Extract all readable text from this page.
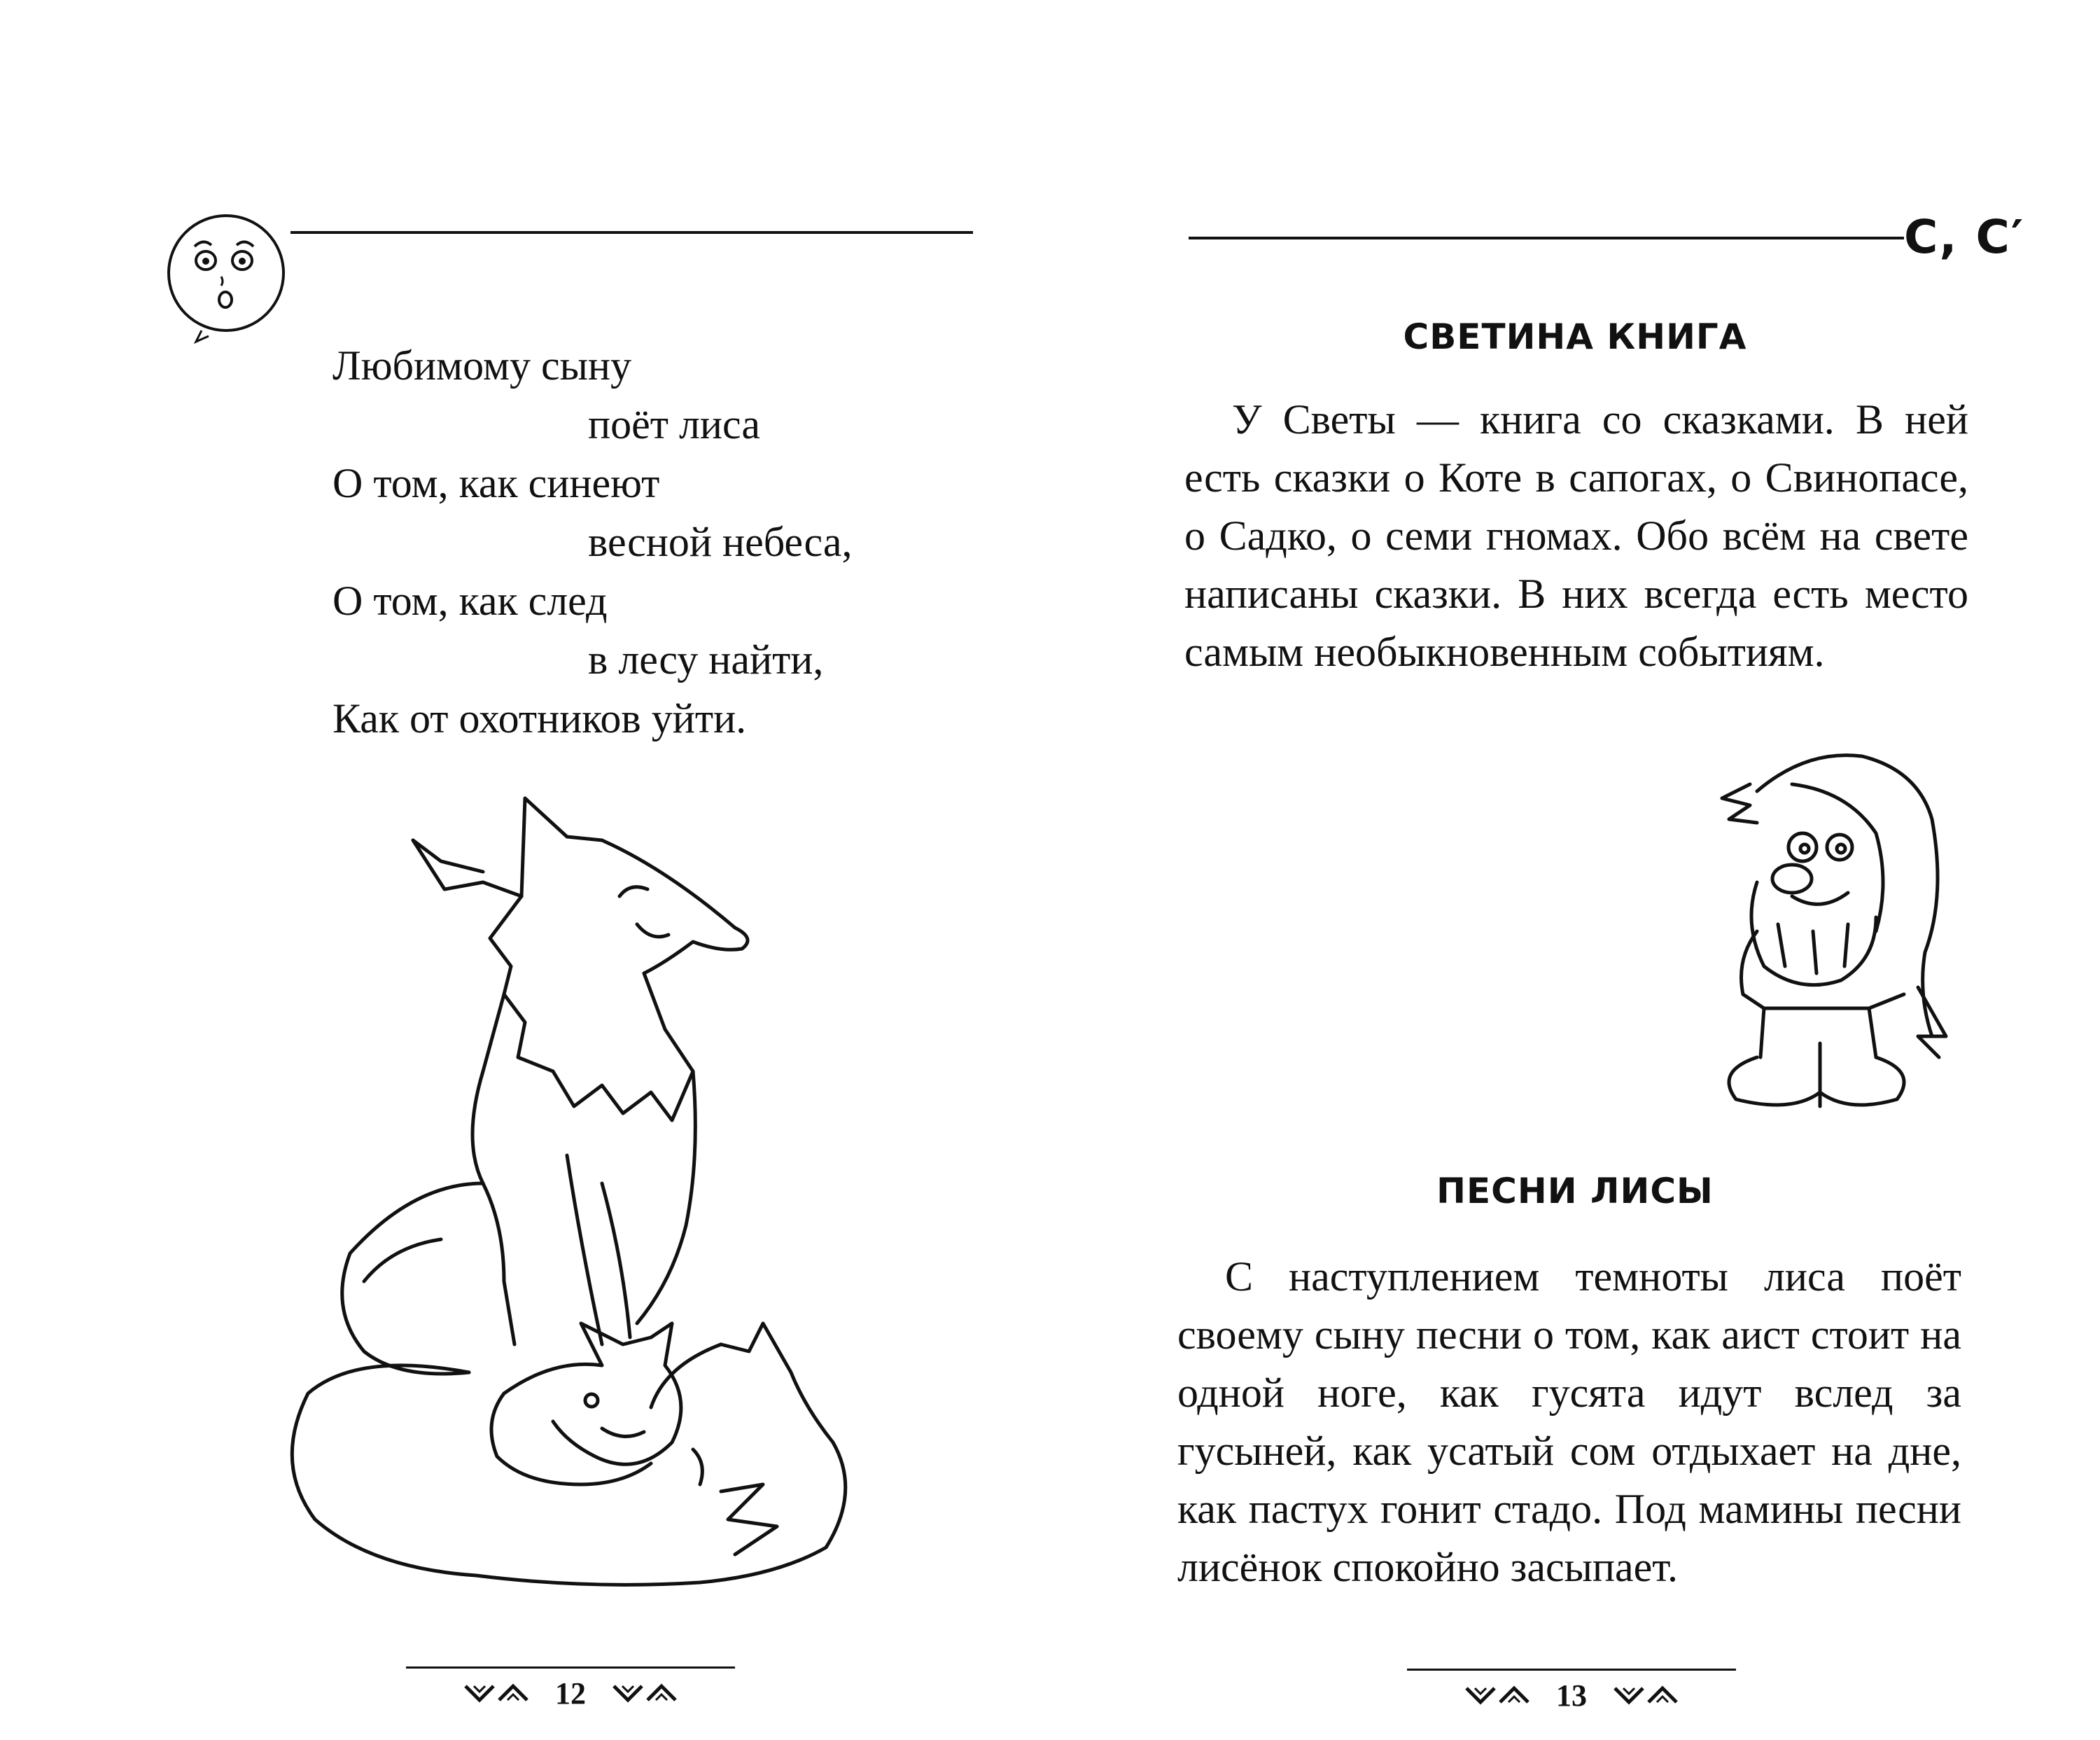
Любимому сыну
поёт лиса
О том, как синеют
весной небеса,
О том, как след
в лесу найти,
Как от охотников уйти.
12
С, С′
СВЕТИНА КНИГА

У Светы — книга со сказками. В ней есть сказки о Коте в сапогах, о Свинопасе, о Садко, о семи гномах. Обо всём на свете написаны сказки. В них всегда есть место самым необыкновенным событиям.

ПЕСНИ ЛИСЫ

С наступлением темноты лиса поёт своему сыну песни о том, как аист стоит на одной ноге, как гусята идут вслед за гусыней, как усатый сом отдыхает на дне, как пастух гонит стадо. Под мамины песни лисёнок спокойно засыпает.

13
